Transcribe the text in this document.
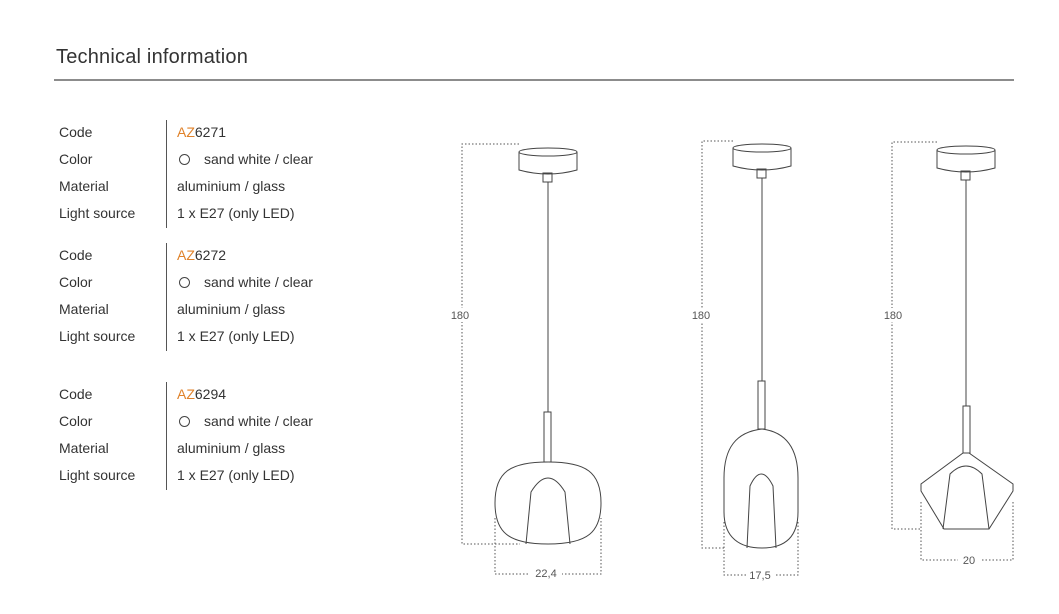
Technical information
Code	AZ6271
Color	sand white / clear
Material	aluminium / glass
Light source	1 x E27 (only LED)
Code	AZ6272
Color	sand white / clear
Material	aluminium / glass
Light source	1 x E27 (only LED)
Code	AZ6294
Color	sand white / clear
Material	aluminium / glass
Light source	1 x E27 (only LED)
180
22,4
180
17,5
180
20
